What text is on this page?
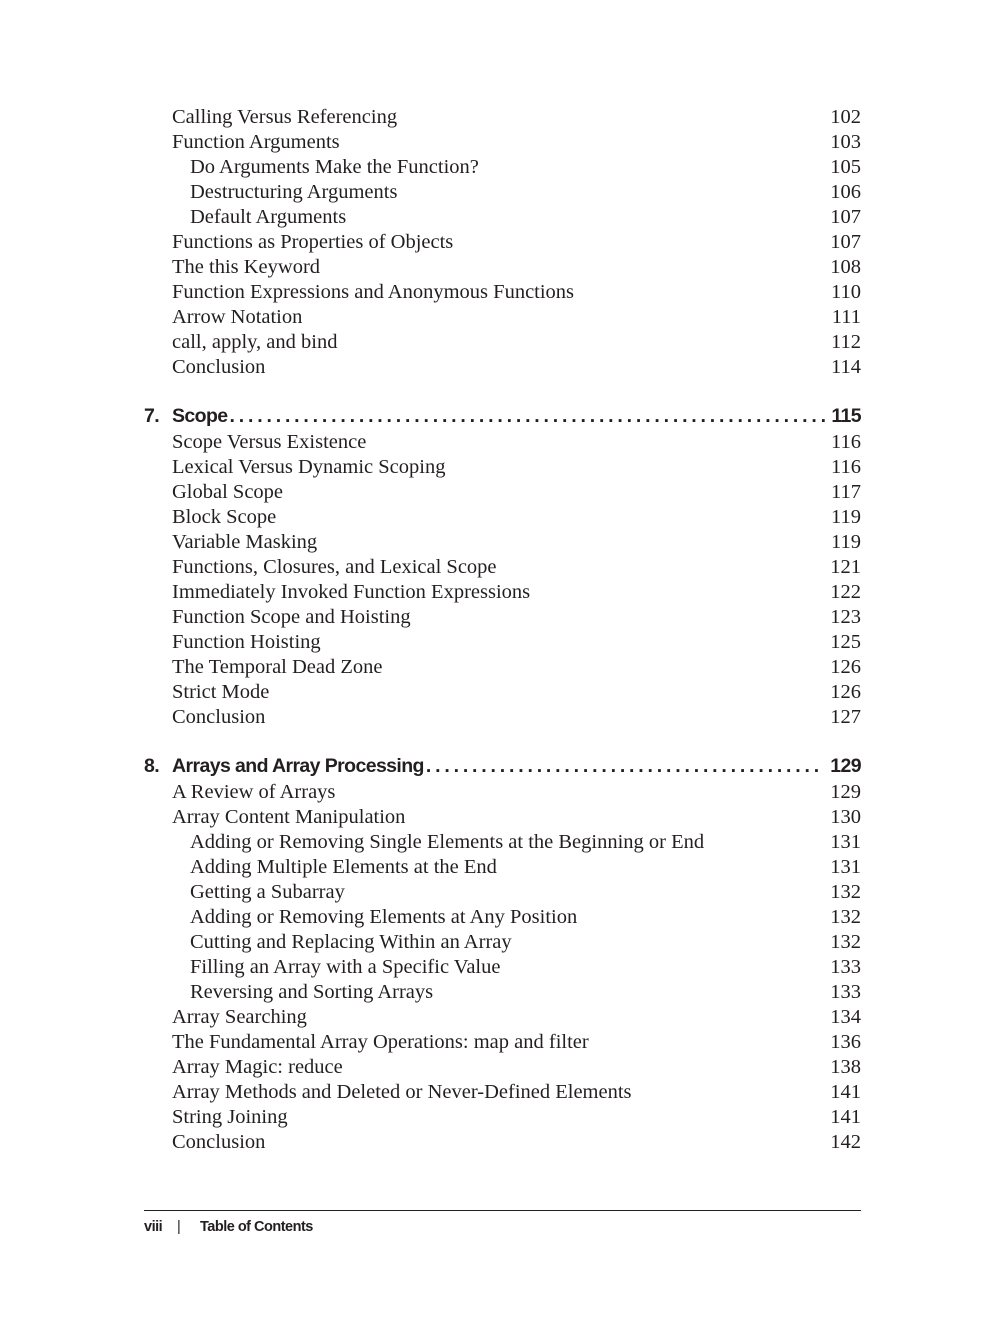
Calling Versus Referencing	102
Function Arguments	103
Do Arguments Make the Function?	105
Destructuring Arguments	106
Default Arguments	107
Functions as Properties of Objects	107
The this Keyword	108
Function Expressions and Anonymous Functions	110
Arrow Notation	111
call, apply, and bind	112
Conclusion	114
7. Scope . . .	115
Scope Versus Existence	116
Lexical Versus Dynamic Scoping	116
Global Scope	117
Block Scope	119
Variable Masking	119
Functions, Closures, and Lexical Scope	121
Immediately Invoked Function Expressions	122
Function Scope and Hoisting	123
Function Hoisting	125
The Temporal Dead Zone	126
Strict Mode	126
Conclusion	127
8. Arrays and Array Processing . . .	129
A Review of Arrays	129
Array Content Manipulation	130
Adding or Removing Single Elements at the Beginning or End	131
Adding Multiple Elements at the End	131
Getting a Subarray	132
Adding or Removing Elements at Any Position	132
Cutting and Replacing Within an Array	132
Filling an Array with a Specific Value	133
Reversing and Sorting Arrays	133
Array Searching	134
The Fundamental Array Operations: map and filter	136
Array Magic: reduce	138
Array Methods and Deleted or Never-Defined Elements	141
String Joining	141
Conclusion	142
viii | Table of Contents
